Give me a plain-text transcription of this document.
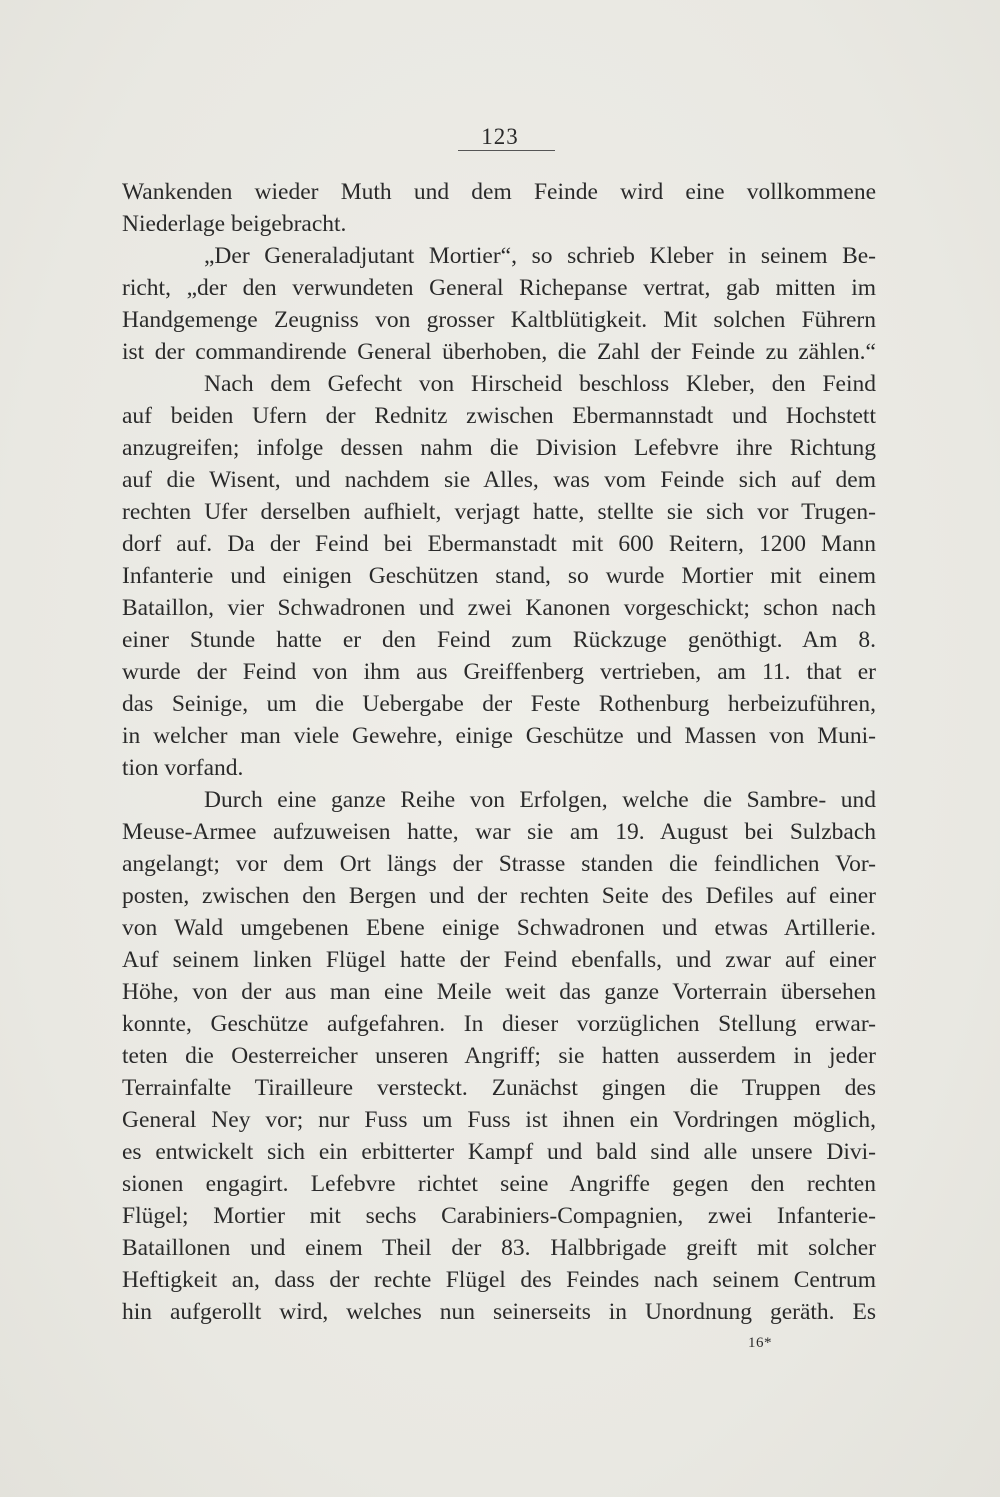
123
Wankenden wieder Muth und dem Feinde wird eine vollkommene
Niederlage beigebracht.
„Der Generaladjutant Mortier“, so schrieb Kleber in seinem Be-
richt, „der den verwundeten General Richepanse vertrat, gab mitten im
Handgemenge Zeugniss von grosser Kaltblütigkeit. Mit solchen Führern
ist der commandirende General überhoben, die Zahl der Feinde zu zählen.“
Nach dem Gefecht von Hirscheid beschloss Kleber, den Feind
auf beiden Ufern der Rednitz zwischen Ebermannstadt und Hochstett
anzugreifen; infolge dessen nahm die Division Lefebvre ihre Richtung
auf die Wisent, und nachdem sie Alles, was vom Feinde sich auf dem
rechten Ufer derselben aufhielt, verjagt hatte, stellte sie sich vor Trugen-
dorf auf. Da der Feind bei Ebermanstadt mit 600 Reitern, 1200 Mann
Infanterie und einigen Geschützen stand, so wurde Mortier mit einem
Bataillon, vier Schwadronen und zwei Kanonen vorgeschickt; schon nach
einer Stunde hatte er den Feind zum Rückzuge genöthigt. Am 8.
wurde der Feind von ihm aus Greiffenberg vertrieben, am 11. that er
das Seinige, um die Uebergabe der Feste Rothenburg herbeizuführen,
in welcher man viele Gewehre, einige Geschütze und Massen von Muni-
tion vorfand.
Durch eine ganze Reihe von Erfolgen, welche die Sambre- und
Meuse-Armee aufzuweisen hatte, war sie am 19. August bei Sulzbach
angelangt; vor dem Ort längs der Strasse standen die feindlichen Vor-
posten, zwischen den Bergen und der rechten Seite des Defiles auf einer
von Wald umgebenen Ebene einige Schwadronen und etwas Artillerie.
Auf seinem linken Flügel hatte der Feind ebenfalls, und zwar auf einer
Höhe, von der aus man eine Meile weit das ganze Vorterrain übersehen
konnte, Geschütze aufgefahren. In dieser vorzüglichen Stellung erwar-
teten die Oesterreicher unseren Angriff; sie hatten ausserdem in jeder
Terrainfalte Tirailleure versteckt. Zunächst gingen die Truppen des
General Ney vor; nur Fuss um Fuss ist ihnen ein Vordringen möglich,
es entwickelt sich ein erbitterter Kampf und bald sind alle unsere Divi-
sionen engagirt. Lefebvre richtet seine Angriffe gegen den rechten
Flügel; Mortier mit sechs Carabiniers-Compagnien, zwei Infanterie-
Bataillonen und einem Theil der 83. Halbbrigade greift mit solcher
Heftigkeit an, dass der rechte Flügel des Feindes nach seinem Centrum
hin aufgerollt wird, welches nun seinerseits in Unordnung geräth. Es
16*
